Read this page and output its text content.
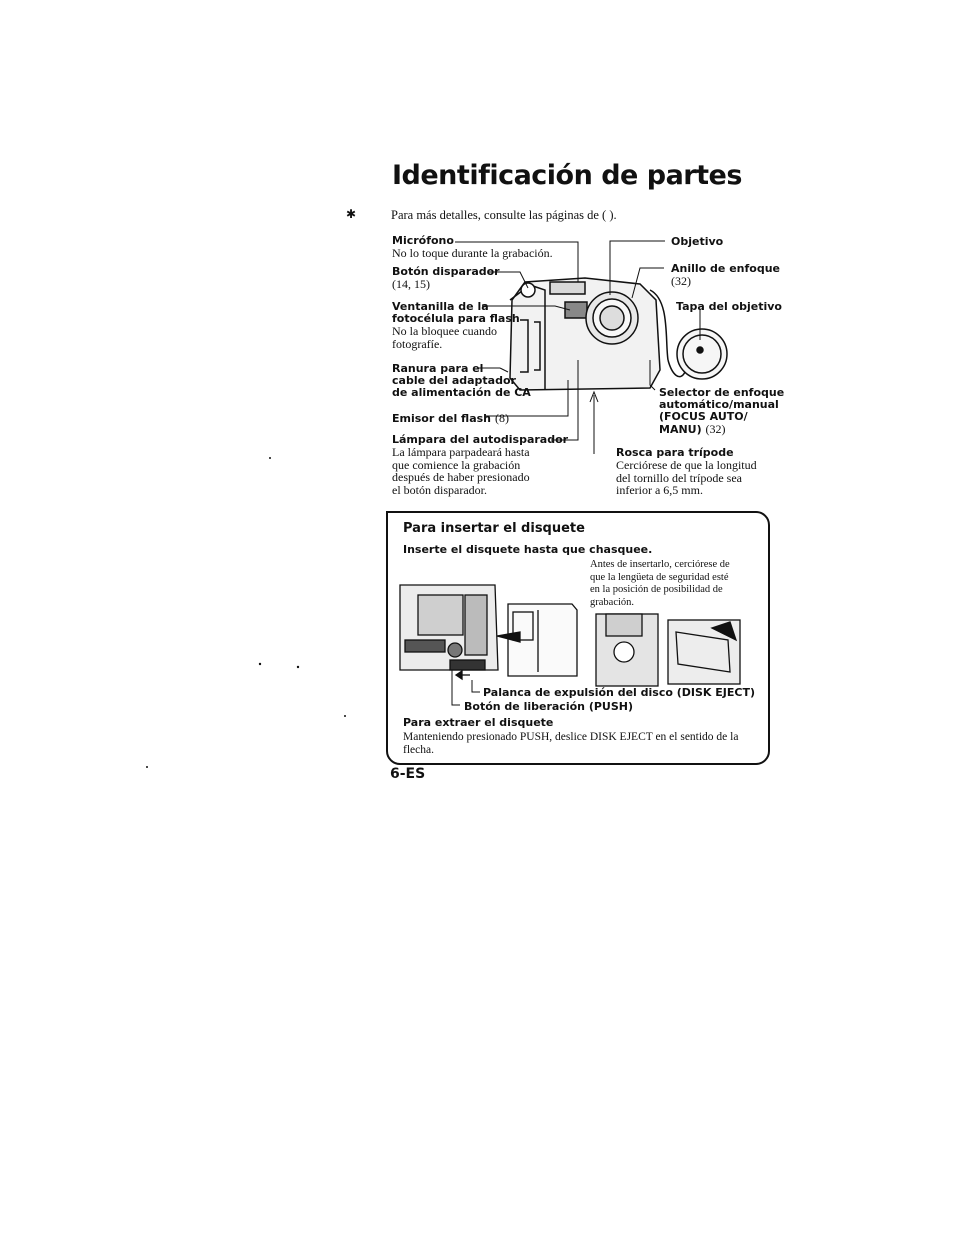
Identificación de partes
✱	Para más detalles, consulte las páginas de ( ).
Micrófono
No lo toque durante la grabación.
Botón disparador
(14, 15)
Ventanilla de la
fotocélula para flash
No la bloquee cuando
fotografíe.
Ranura para el
cable del adaptador
de alimentación de CA
Emisor del flash (8)
Lámpara del autodisparador
La lámpara parpadeará hasta
que comience la grabación
después de haber presionado
el botón disparador.
Objetivo
Anillo de enfoque
(32)
Tapa del objetivo
Selector de enfoque
automático/manual
(FOCUS AUTO/
MANU) (32)
Rosca para trípode
Cerciórese de que la longitud
del tornillo del trípode sea
inferior a 6,5 mm.
Para insertar el disquete
Inserte el disquete hasta que chasquee.
Antes de insertarlo, cerciórese de
que la lengüeta de seguridad esté
en la posición de posibilidad de
grabación.
Palanca de expulsión del disco (DISK EJECT)
Botón de liberación (PUSH)
Para extraer el disquete
Manteniendo presionado PUSH, deslice DISK EJECT en el sentido de la flecha.
6-ES
